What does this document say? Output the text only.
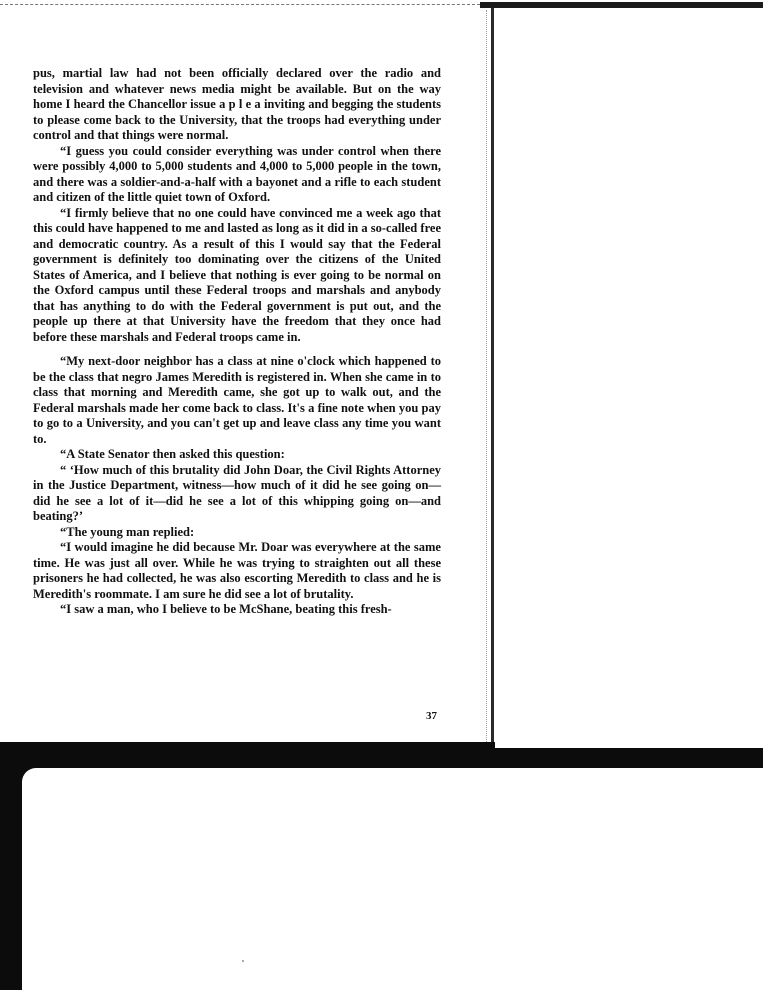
pus, martial law had not been officially declared over the radio and television and whatever news media might be available. But on the way home I heard the Chancellor issue a p l e a inviting and begging the students to please come back to the University, that the troops had everything under control and that things were normal.

“I guess you could consider everything was under control when there were possibly 4,000 to 5,000 students and 4,000 to 5,000 people in the town, and there was a soldier-and-a-half with a bayonet and a rifle to each student and citizen of the little quiet town of Oxford.

“I firmly believe that no one could have convinced me a week ago that this could have happened to me and lasted as long as it did in a so-called free and democratic country. As a result of this I would say that the Federal government is definitely too dominating over the citizens of the United States of America, and I believe that nothing is ever going to be normal on the Oxford campus until these Federal troops and marshals and anybody that has anything to do with the Federal government is put out, and the people up there at that University have the freedom that they once had before these marshals and Federal troops came in.

“My next-door neighbor has a class at nine o'clock which happened to be the class that negro James Meredith is registered in. When she came in to class that morning and Meredith came, she got up to walk out, and the Federal marshals made her come back to class. It's a fine note when you pay to go to a University, and you can't get up and leave class any time you want to.

“A State Senator then asked this question:

“ ‘How much of this brutality did John Doar, the Civil Rights Attorney in the Justice Department, witness—how much of it did he see going on—did he see a lot of it—did he see a lot of this whipping going on—and beating?’

“The young man replied:

“I would imagine he did because Mr. Doar was everywhere at the same time. He was just all over. While he was trying to straighten out all these prisoners he had collected, he was also escorting Meredith to class and he is Meredith's roommate. I am sure he did see a lot of brutality.

“I saw a man, who I believe to be McShane, beating this fresh-

37
